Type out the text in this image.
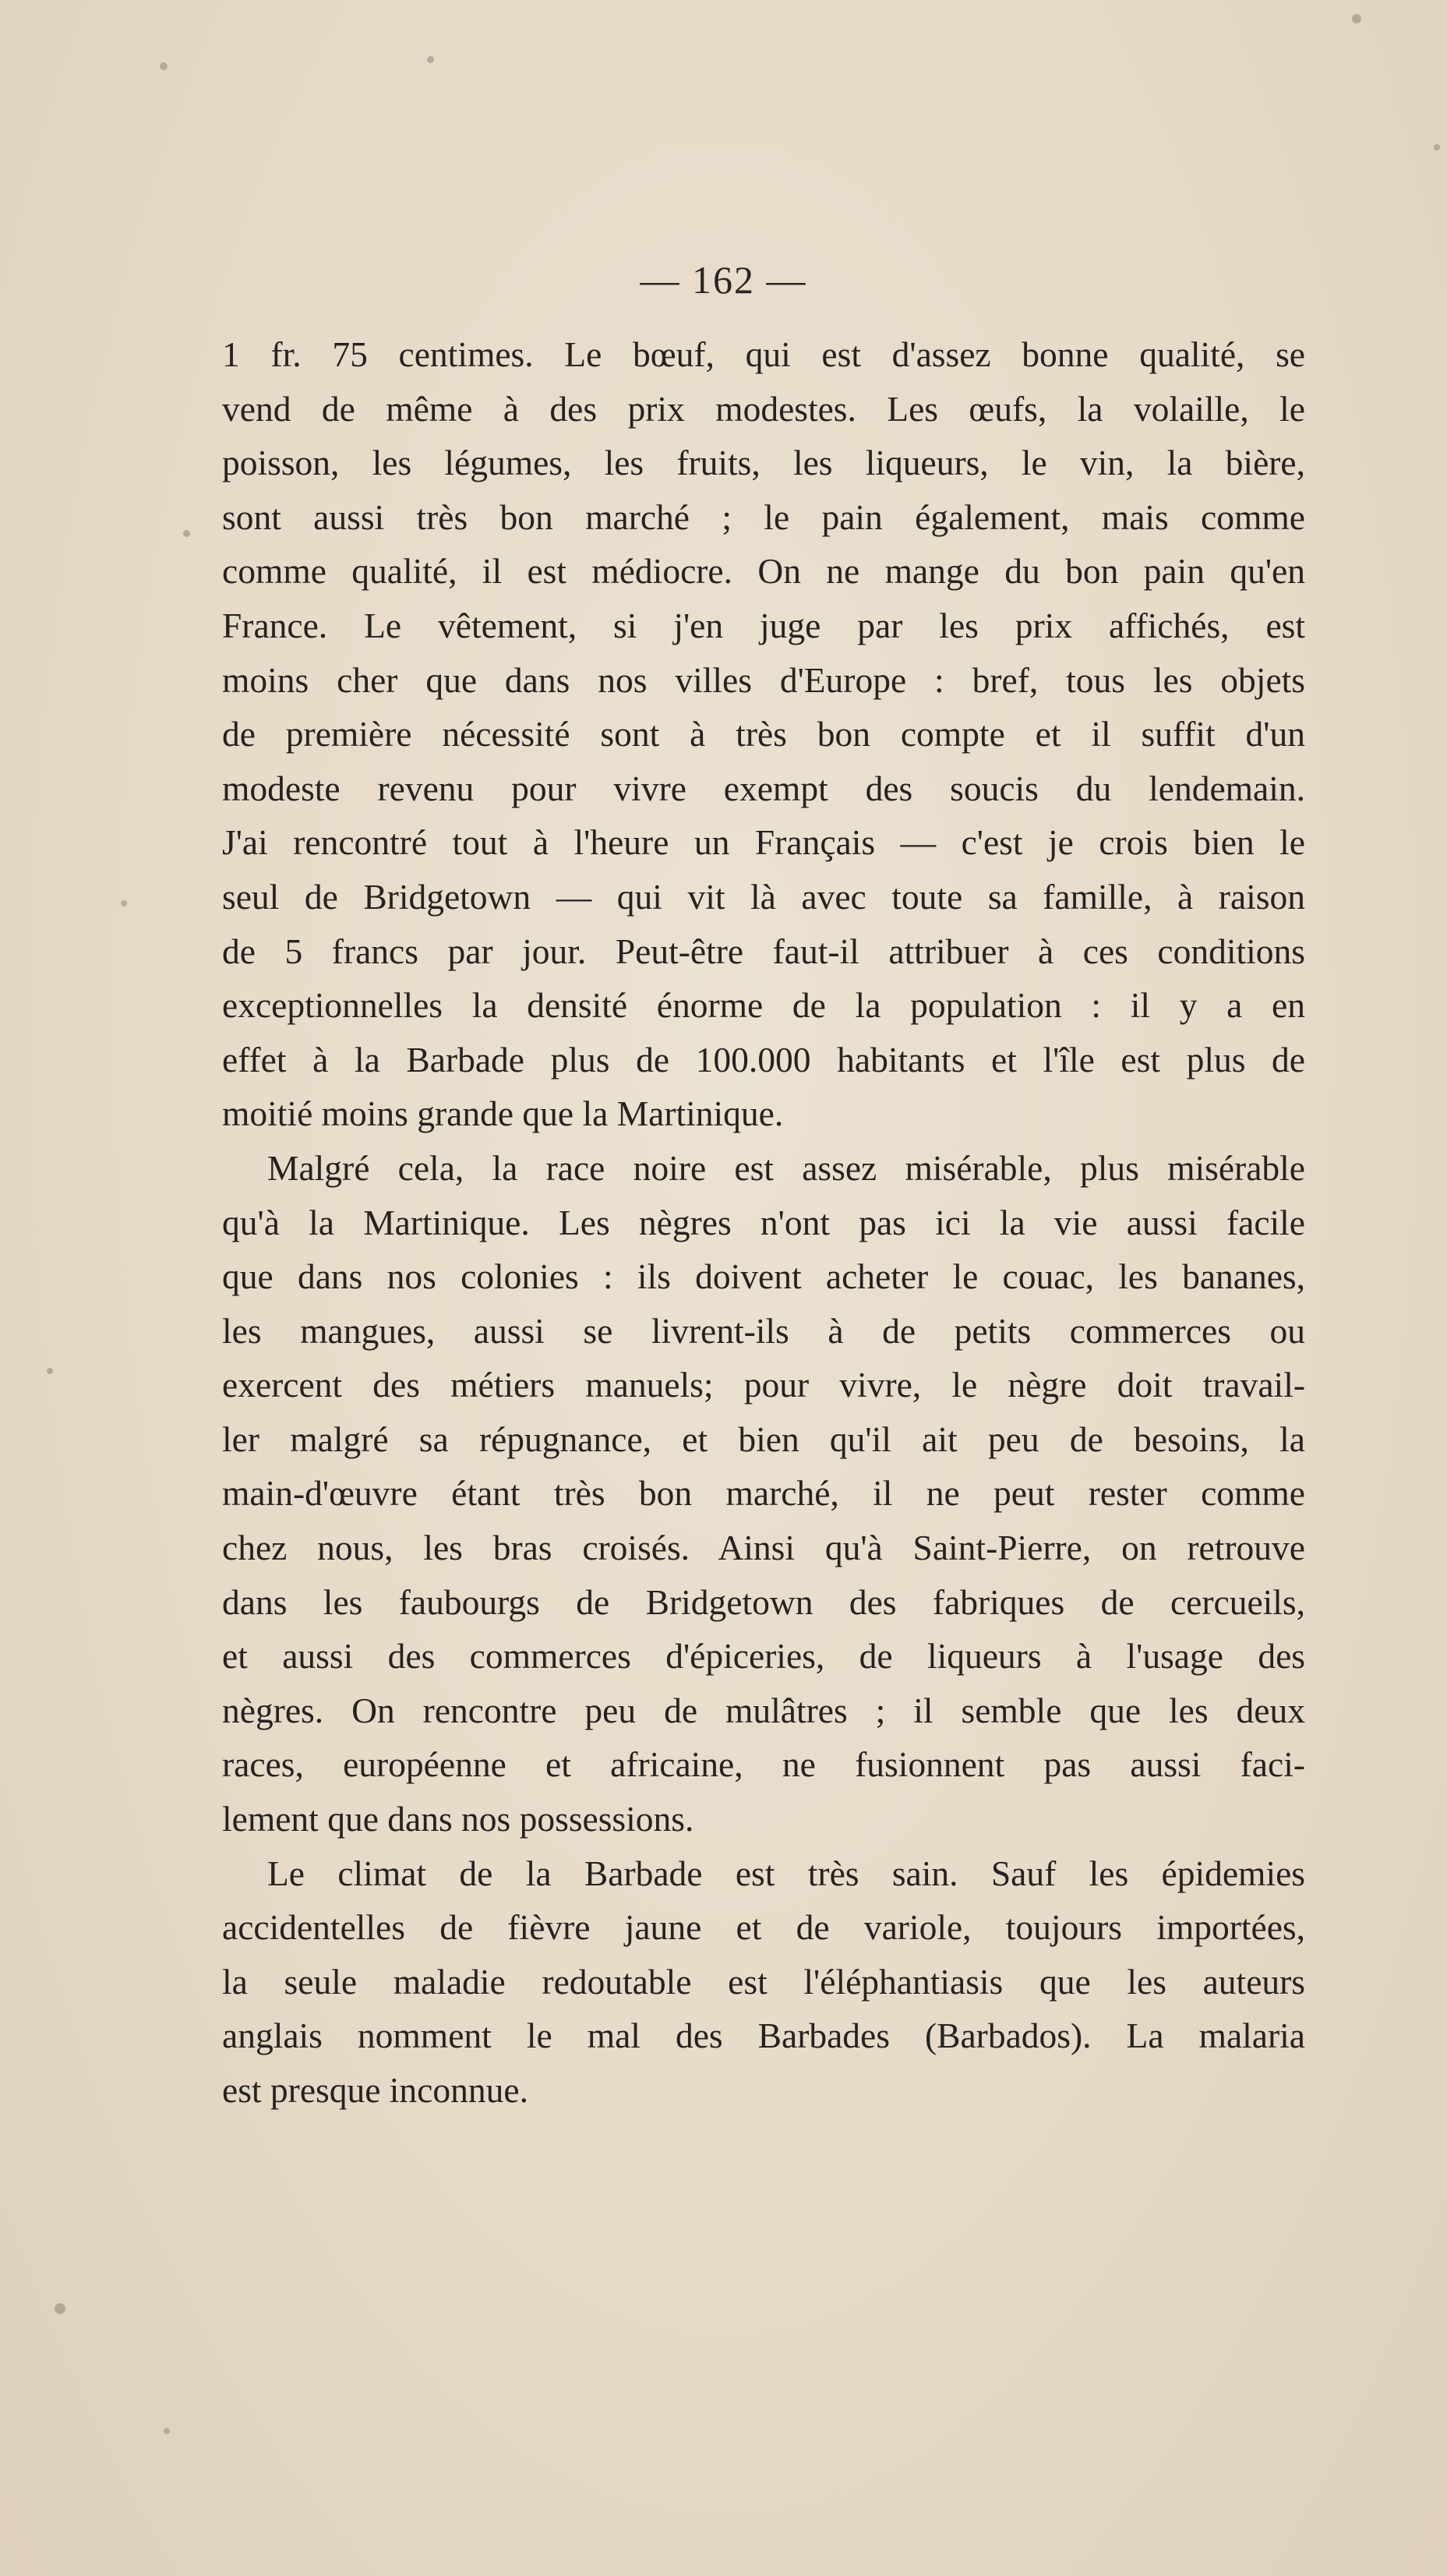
— 162 —
1 fr. 75 centimes. Le bœuf, qui est d'assez bonne qualité, se
vend de même à des prix modestes. Les œufs, la volaille, le
poisson, les légumes, les fruits, les liqueurs, le vin, la bière,
sont aussi très bon marché ; le pain également, mais comme
comme qualité, il est médiocre. On ne mange du bon pain qu'en
France. Le vêtement, si j'en juge par les prix affichés, est
moins cher que dans nos villes d'Europe : bref, tous les objets
de première nécessité sont à très bon compte et il suffit d'un
modeste revenu pour vivre exempt des soucis du lendemain.
J'ai rencontré tout à l'heure un Français — c'est je crois bien le
seul de Bridgetown — qui vit là avec toute sa famille, à raison
de 5 francs par jour. Peut-être faut-il attribuer à ces conditions
exceptionnelles la densité énorme de la population : il y a en
effet à la Barbade plus de 100.000 habitants et l'île est plus de
moitié moins grande que la Martinique.
Malgré cela, la race noire est assez misérable, plus misérable
qu'à la Martinique. Les nègres n'ont pas ici la vie aussi facile
que dans nos colonies : ils doivent acheter le couac, les bananes,
les mangues, aussi se livrent-ils à de petits commerces ou
exercent des métiers manuels; pour vivre, le nègre doit travail-
ler malgré sa répugnance, et bien qu'il ait peu de besoins, la
main-d'œuvre étant très bon marché, il ne peut rester comme
chez nous, les bras croisés. Ainsi qu'à Saint-Pierre, on retrouve
dans les faubourgs de Bridgetown des fabriques de cercueils,
et aussi des commerces d'épiceries, de liqueurs à l'usage des
nègres. On rencontre peu de mulâtres ; il semble que les deux
races, européenne et africaine, ne fusionnent pas aussi faci-
lement que dans nos possessions.
Le climat de la Barbade est très sain. Sauf les épidemies
accidentelles de fièvre jaune et de variole, toujours importées,
la seule maladie redoutable est l'éléphantiasis que les auteurs
anglais nomment le mal des Barbades (Barbados). La malaria
est presque inconnue.
